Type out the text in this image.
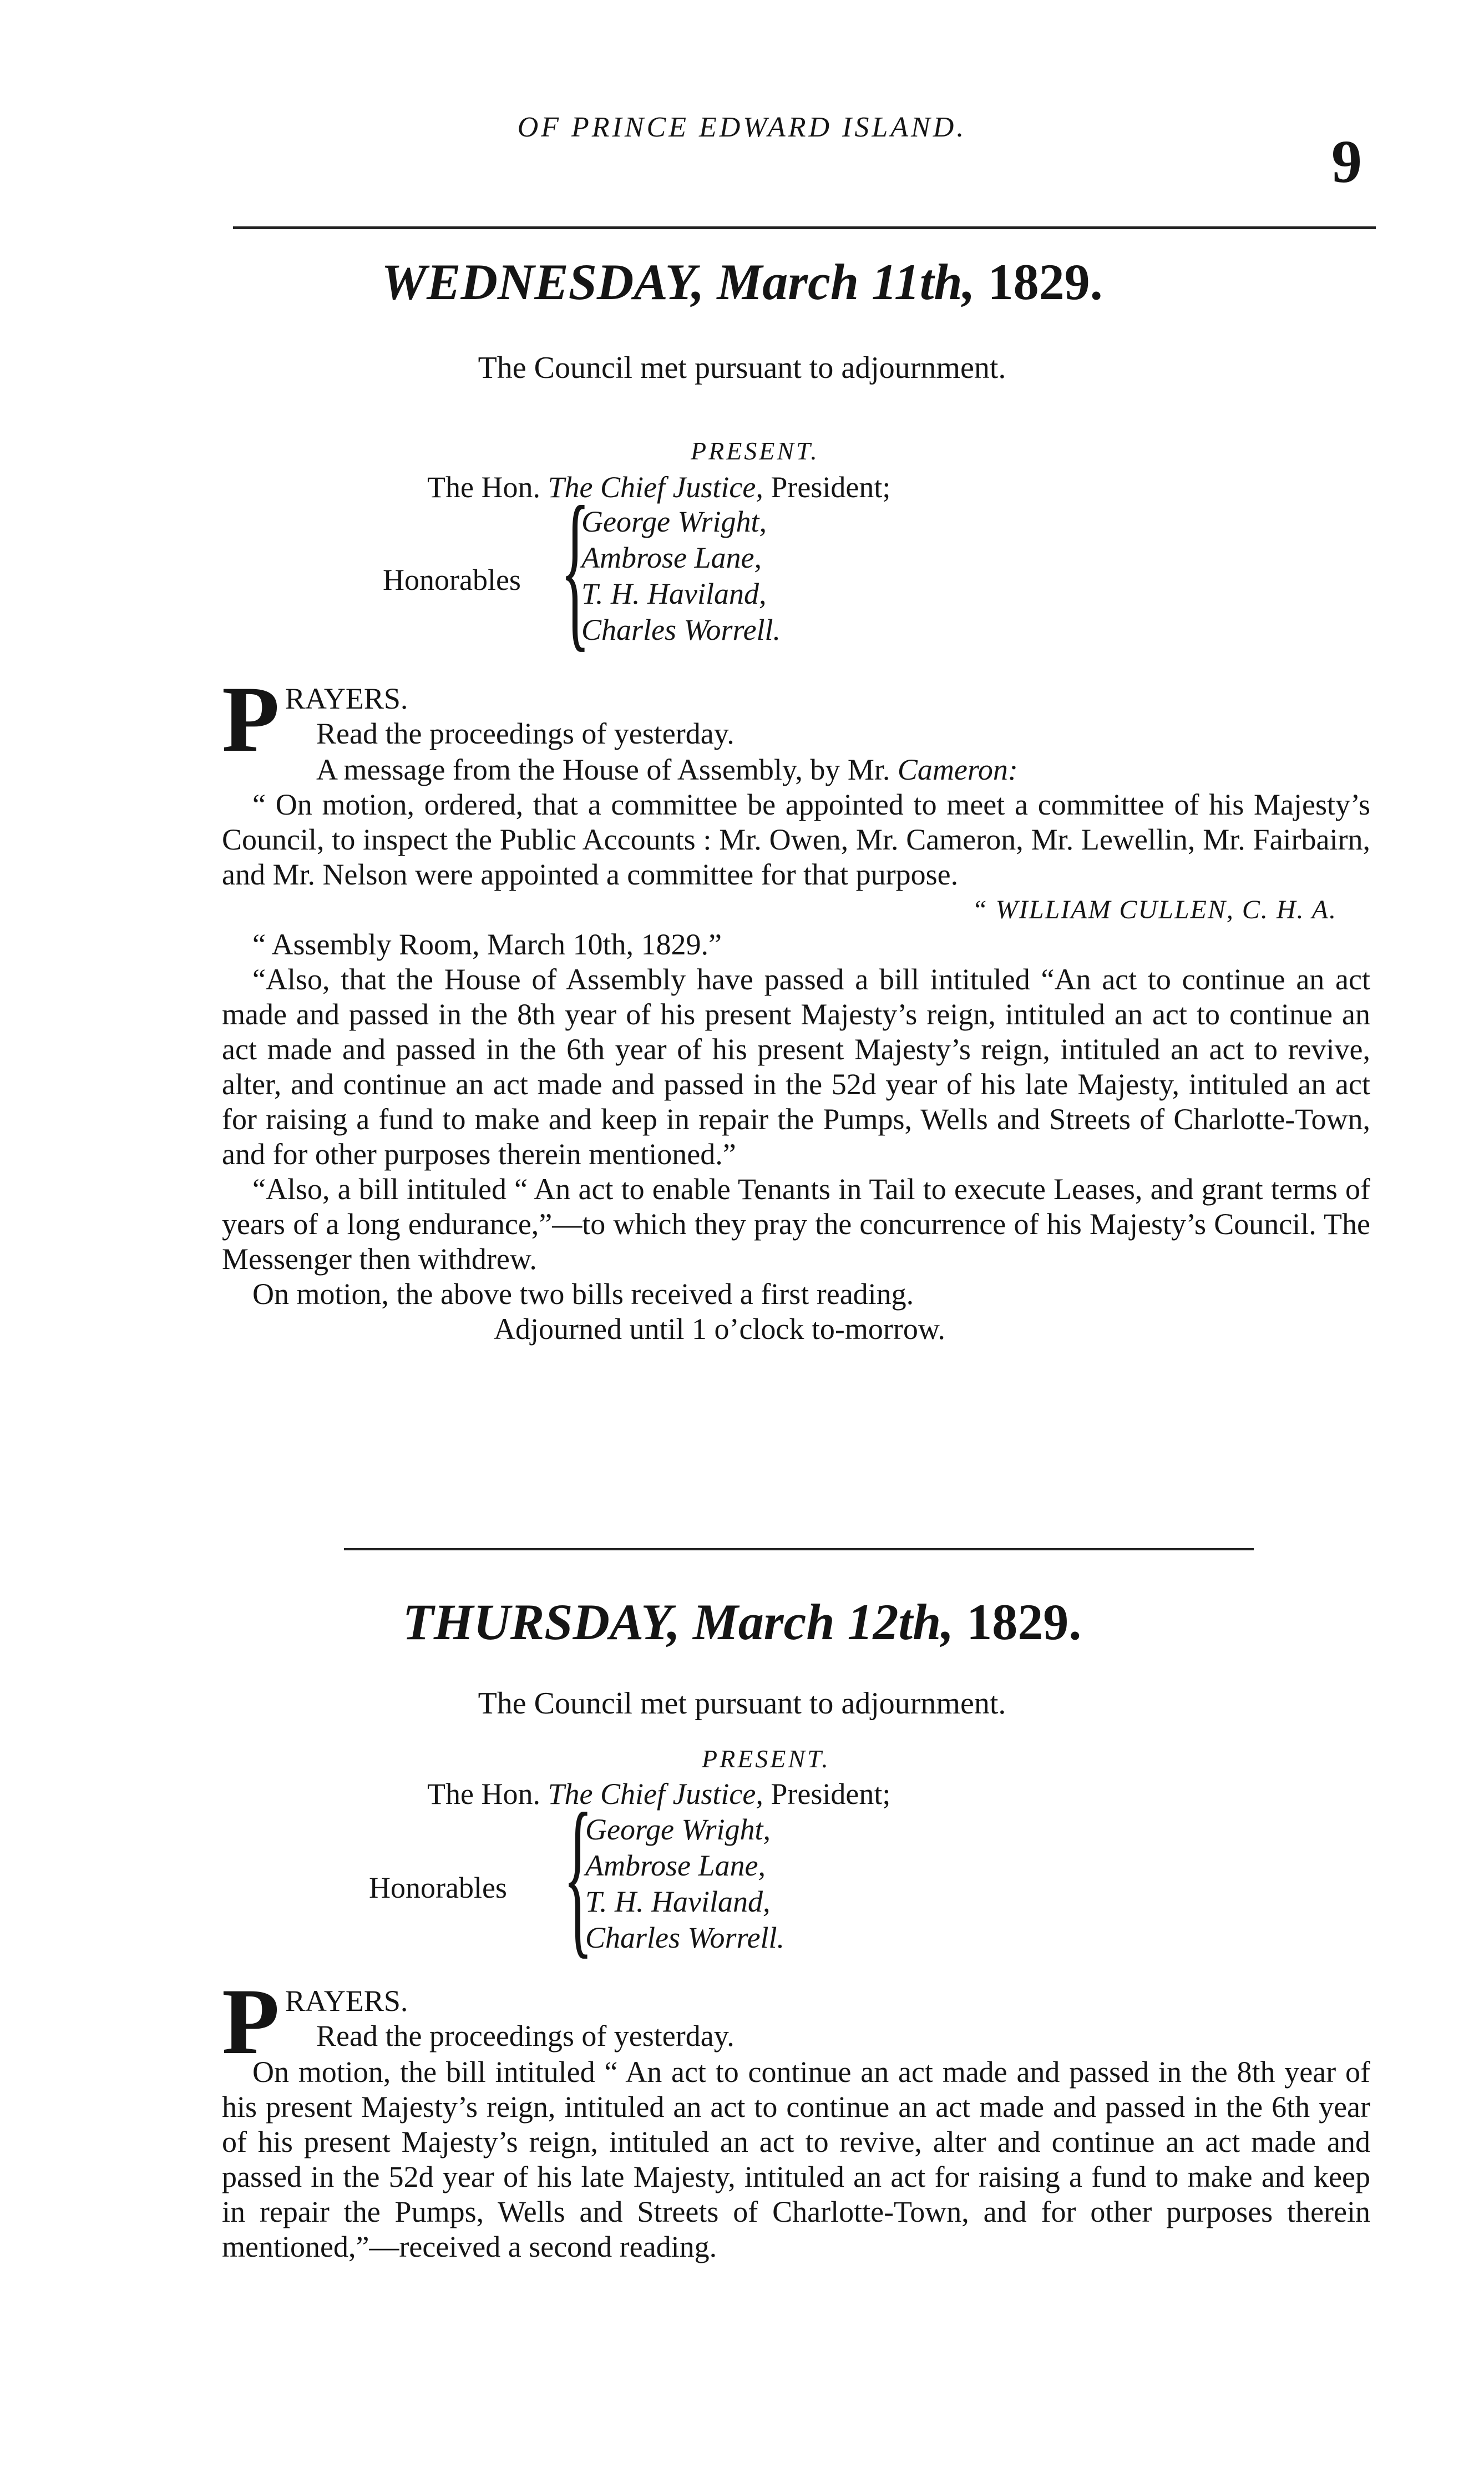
OF PRINCE EDWARD ISLAND.
9
WEDNESDAY, March 11th, 1829.
The Council met pursuant to adjournment.
PRESENT.
The Hon. The Chief Justice, President;
Honorables {
George Wright,
Ambrose Lane,
T. H. Haviland,
Charles Worrell.

PRAYERS.

Read the proceedings of yesterday.

A message from the House of Assembly, by Mr. Cameron:

“ On motion, ordered, that a committee be appointed to meet a committee of his Majesty’s Council, to inspect the Public Accounts : Mr. Owen, Mr. Cameron, Mr. Lewellin, Mr. Fairbairn, and Mr. Nelson were appointed a committee for that purpose.

“ WILLIAM CULLEN, C. H. A.

“ Assembly Room, March 10th, 1829.”

“Also, that the House of Assembly have passed a bill intituled “An act to continue an act made and passed in the 8th year of his present Majesty’s reign, intituled an act to continue an act made and passed in the 6th year of his present Majesty’s reign, intituled an act to revive, alter, and continue an act made and passed in the 52d year of his late Majesty, intituled an act for raising a fund to make and keep in repair the Pumps, Wells and Streets of Charlotte-Town, and for other purposes therein mentioned.”

“Also, a bill intituled “ An act to enable Tenants in Tail to execute Leases, and grant terms of years of a long endurance,”—to which they pray the concurrence of his Majesty’s Council. The Messenger then withdrew.

On motion, the above two bills received a first reading.

Adjourned until 1 o’clock to-morrow.

THURSDAY, March 12th, 1829.
The Council met pursuant to adjournment.
PRESENT.
The Hon. The Chief Justice, President;
Honorables {
George Wright,
Ambrose Lane,
T. H. Haviland,
Charles Worrell.

PRAYERS.

Read the proceedings of yesterday.

On motion, the bill intituled “ An act to continue an act made and passed in the 8th year of his present Majesty’s reign, intituled an act to continue an act made and passed in the 6th year of his present Majesty’s reign, intituled an act to revive, alter and continue an act made and passed in the 52d year of his late Majesty, intituled an act for raising a fund to make and keep in repair the Pumps, Wells and Streets of Charlotte-Town, and for other purposes therein mentioned,”—received a second reading.
